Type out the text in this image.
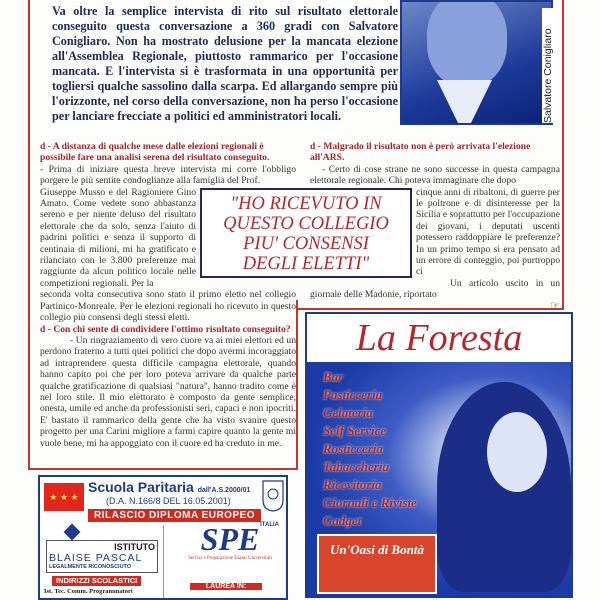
Va oltre la semplice intervista di rito sul risultato elettorale conseguito questa conversazione a 360 gradi con Salvatore Conigliaro. Non ha mostrato delusione per la mancata elezione all'Assemblea Regionale, piuttosto rammarico per l'occasione mancata. E l'intervista si è trasformata in una opportunità per togliersi qualche sassolino dalla scarpa. Ed allargando sempre più l'orizzonte, nel corso della conversazione, non ha perso l'occasione per lanciare frecciate a politici ed amministratori locali.	Salvatore Conigliaro
d - A distanza di qualche mese dalle elezioni regionali è possibile fare una analisi serena del risultato conseguito.
- Prima di iniziare questa breve intervista mi corre l'obbligo porgere le più sentite condoglianze alla famiglia del Prof.
Giuseppe Musso e del Ragioniere Gino Amato. Come vedete sono abbastanza sereno e per niente deluso del risultato elettorale che da solo, senza l'aiuto di padrini politici e senza il supporto di centinaia di milioni, mi ha gratificato e rilanciato con le 3.800 preferenze mai raggiunte da alcun politico locale nelle competizioni regionali. Per la
seconda volta consecutiva sono stato il primo eletto nel collegio Partinico-Monreale. Per le elezioni regionali ho ricevuto in questo collegio più consensi degli stessi eletti.
d - Con chi sente di condividere l'ottimo risultato conseguito?
- Un ringraziamento di vero cuore va ai miei elettori ed un perdono fraterno a tutti quei politici che dopo avermi incoraggiato ad intraprendere questa difficile campagna elettorale, quando hanno capito poi che per loro poteva arrivare da qualche parte qualche gratificazione di qualsiasi "natura", hanno tradito come è nel loro stile. Il mio elettorato è composto da gente semplice, onesta, umile ed anche da professionisti seri, capaci e non ipocriti. E' bastato il rammarico della gente che ha visto svanire questo progetto per una Carini migliore a farmi capire quanto la gente mi vuole bene, mi ha appoggiato con il cuore ed ha creduto in me.
d - Malgrado il risultato non è però arrivata l'elezione all'ARS.
- Certo di cose strane ne sono successe in questa campagna elettorale regionale. Chi poteva immaginare che dopo
cinque anni di ribaltoni, di guerre per le poltrone e di disinteresse per la Sicilia e soprattutto per l'occupazione dei giovani, i deputati uscenti potessero raddoppiare le preferenze? In un primo tempo si era pensato ad un errore di conteggio, poi purtroppo ci
Un articolo uscito in un giornale delle Madonie, riportato
☞
"HO RICEVUTO IN
QUESTO COLLEGIO
PIU' CONSENSI
DEGLI ELETTI"
La Foresta
Bar
Pasticceria
Gelateria
Self Service
Rosticceria
Tabaccheria
Ricevitoria
Giornali e Riviste
Gadget
Un'Oasi di Bontà
★ ★ ★
Scuola Paritaria dall'A.S.2000/01
(D.A. N.166/8 DEL 16.05.2001)
RILASCIO DIPLOMA EUROPEO
ISTITUTO
BLAISE PASCAL
LEGALMENTE RICONOSCIUTO
INDIRIZZI SCOLASTICI
Ist. Tec. Comm. Programmatori
ITALIA
SPE
Servizi e Preparazione Esami Universitari
LAUREA IN:
